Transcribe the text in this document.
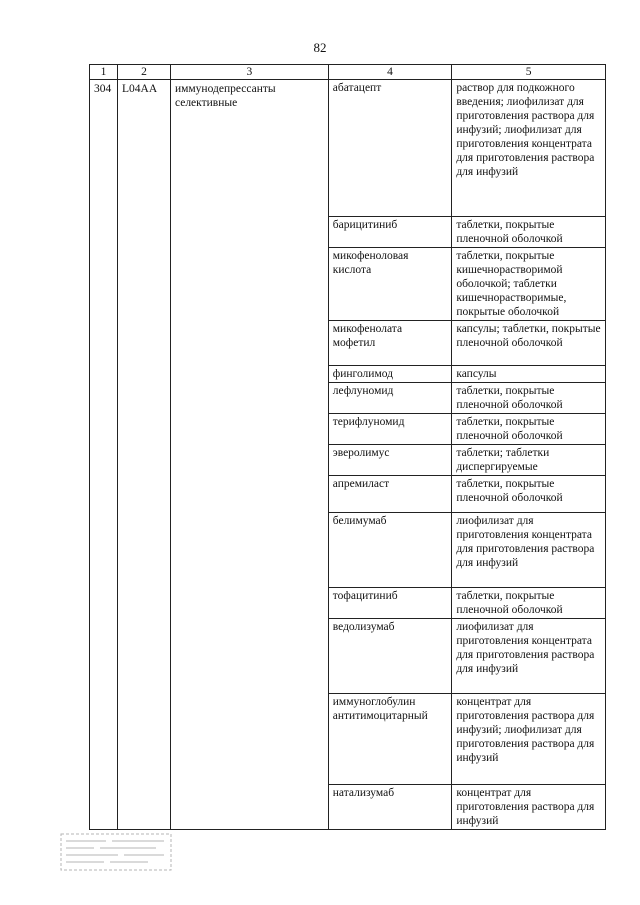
82
1	2	3	4	5
304	L04AA	иммунодепрессанты селективные	абатацепт	раствор для подкожного введения; лиофилизат для приготовления раствора для инфузий; лиофилизат для приготовления концентрата для приготовления раствора для инфузий
			барицитиниб	таблетки, покрытые пленочной оболочкой
			микофеноловая кислота	таблетки, покрытые кишечнорастворимой оболочкой; таблетки кишечнорастворимые, покрытые оболочкой
			микофенолата мофетил	капсулы; таблетки, покрытые пленочной оболочкой
			финголимод	капсулы
			лефлуномид	таблетки, покрытые пленочной оболочкой
			терифлуномид	таблетки, покрытые пленочной оболочкой
			эверолимус	таблетки; таблетки диспергируемые
			апремиласт	таблетки, покрытые пленочной оболочкой
			белимумаб	лиофилизат для приготовления концентрата для приготовления раствора для инфузий
			тофацитиниб	таблетки, покрытые пленочной оболочкой
			ведолизумаб	лиофилизат для приготовления концентрата для приготовления раствора для инфузий
			иммуноглобулин антитимоцитарный	концентрат для приготовления раствора для инфузий; лиофилизат для приготовления раствора для инфузий
			натализумаб	концентрат для приготовления раствора для инфузий
